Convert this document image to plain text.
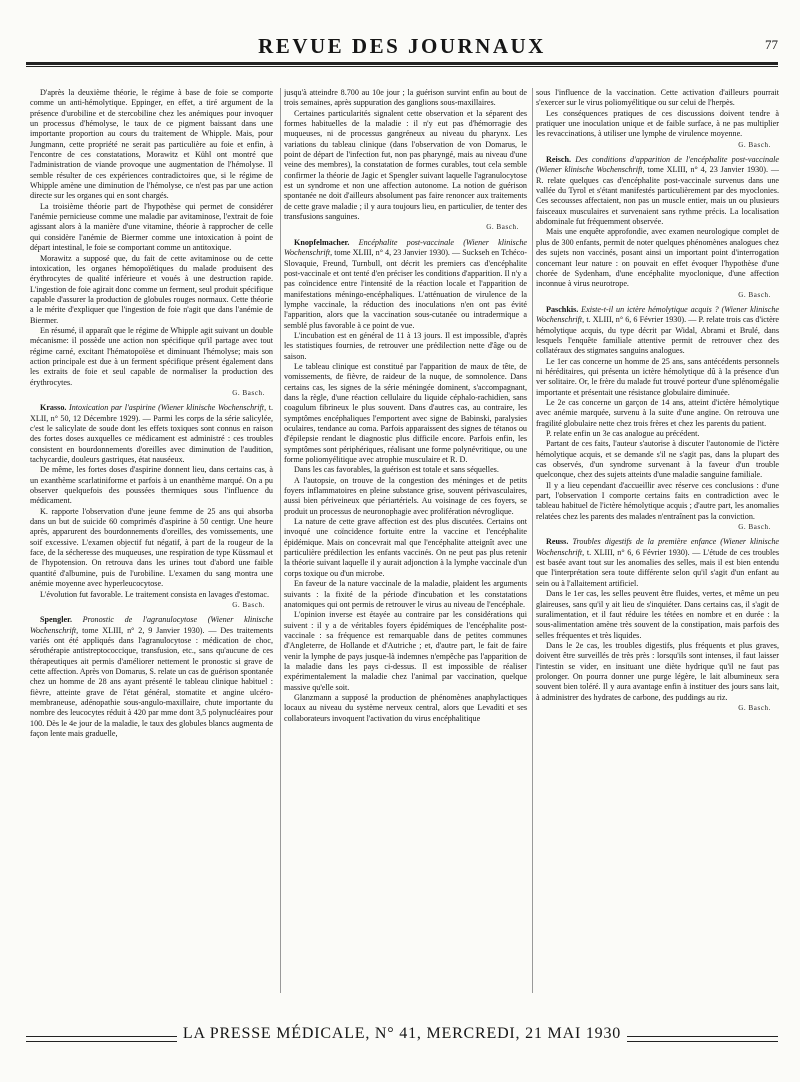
REVUE DES JOURNAUX	77

D'après la deuxième théorie, le régime à base de foie se comporte comme un anti-hémolytique. Eppinger, en effet, a tiré argument de la présence d'urobiline et de stercobiline chez les anémiques pour invoquer un processus d'hémolyse, le taux de ce pigment baissant dans une importante proportion au cours du traitement de Whipple. Mais, pour Jungmann, cette propriété ne serait pas particulière au foie et enfin, à l'encontre de ces constatations, Morawitz et Kühl ont montré que l'administration de viande provoque une augmentation de l'hémolyse. Il semble résulter de ces expériences contradictoires que, si le régime de Whipple amène une diminution de l'hémolyse, ce n'est pas par une action directe sur les organes qui en sont chargés.

La troisième théorie part de l'hypothèse qui permet de considérer l'anémie pernicieuse comme une maladie par avitaminose, l'extrait de foie agissant alors à la manière d'une vitamine, théorie à rapprocher de celle qui considère l'anémie de Biermer comme une intoxication à point de départ intestinal, le foie se comportant comme un antitoxique.

Morawitz a supposé que, du fait de cette avitaminose ou de cette intoxication, les organes hémopoïétiques du malade produisent des érythrocytes de qualité inférieure et voués à une destruction rapide. L'ingestion de foie agirait donc comme un ferment, seul produit spécifique capable d'assurer la production de globules rouges normaux. Cette théorie a le mérite d'expliquer que l'ingestion de foie n'agit que dans l'anémie de Biermer.

En résumé, il apparaît que le régime de Whipple agit suivant un double mécanisme: il possède une action non spécifique qu'il partage avec tout régime carné, excitant l'hématopoïèse et diminuant l'hémolyse; mais son action principale est due à un ferment spécifique présent également dans les extraits de foie et seul capable de normaliser la production des érythrocytes.

G. Basch.

Krasso. Intoxication par l'aspirine (Wiener klinische Wochenschrift, t. XLII, n° 50, 12 Décembre 1929). — Parmi les corps de la série salicylée, c'est le salicylate de soude dont les effets toxiques sont connus en raison des fortes doses auxquelles ce médicament est administré : ces troubles consistent en bourdonnements d'oreilles avec diminution de l'audition, tachycardie, douleurs gastriques, état nauséeux.

De même, les fortes doses d'aspirine donnent lieu, dans certains cas, à un exanthème scarlatiniforme et parfois à un enanthème marqué. On a pu observer quelquefois des poussées thermiques sous l'influence du médicament.

K. rapporte l'observation d'une jeune femme de 25 ans qui absorba dans un but de suicide 60 comprimés d'aspirine à 50 centigr. Une heure après, apparurent des bourdonnements d'oreilles, des vomissements, une soif excessive. L'examen objectif fut négatif, à part de la rougeur de la face, de la sécheresse des muqueuses, une respiration de type Küssmaul et de l'hypotension. On retrouva dans les urines tout d'abord une faible quantité d'albumine, puis de l'urobiline. L'examen du sang montra une anémie moyenne avec hyperleucocytose.

L'évolution fut favorable. Le traitement consista en lavages d'estomac.

G. Basch.

Spengler. Pronostic de l'agranulocytose (Wiener klinische Wochenschrift, tome XLIII, n° 2, 9 Janvier 1930). — Des traitements variés ont été appliqués dans l'agranulocytose : médication de choc, sérothérapie antistreptococcique, transfusion, etc., sans qu'aucune de ces thérapeutiques ait permis d'améliorer nettement le pronostic si grave de cette affection. Après von Domarus, S. relate un cas de guérison spontanée chez un homme de 28 ans ayant présenté le tableau clinique habituel : fièvre, atteinte grave de l'état général, stomatite et angine ulcéro-membraneuse, adénopathie sous-angulo-maxillaire, chute importante du nombre des leucocytes réduit à 420 par mme dont 3,5 polynucléaires pour 100. Dès le 4e jour de la maladie, le taux des globules blancs augmenta de façon lente mais graduelle,

jusqu'à atteindre 8.700 au 10e jour ; la guérison survint enfin au bout de trois semaines, après suppuration des ganglions sous-maxillaires.

Certaines particularités signalent cette observation et la séparent des formes habituelles de la maladie : il n'y eut pas d'hémorragie des muqueuses, ni de processus gangréneux au niveau du pharynx. Les variations du tableau clinique (dans l'observation de von Domarus, le point de départ de l'infection fut, non pas pharyngé, mais au niveau d'une veine des membres), la constatation de formes curables, tout cela semble confirmer la théorie de Jagic et Spengler suivant laquelle l'agranulocytose est un syndrome et non une affection autonome. La notion de guérison spontanée ne doit d'ailleurs absolument pas faire renoncer aux traitements de cette grave maladie ; il y aura toujours lieu, en particulier, de tenter des transfusions sanguines.

G. Basch.

Knopfelmacher. Encéphalite post-vaccinale (Wiener klinische Wochenschrift, tome XLIII, n° 4, 23 Janvier 1930). — Suckseh en Tchéco-Slovaquie, Freund, Turnbull, ont décrit les premiers cas d'encéphalite post-vaccinale et ont tenté d'en préciser les conditions d'apparition. Il n'y a pas coïncidence entre l'intensité de la réaction locale et l'apparition de manifestations méningo-encéphaliques. L'atténuation de virulence de la lymphe vaccinale, la réduction des inoculations n'en ont pas évité l'apparition, alors que la vaccination sous-cutanée ou intradermique a semblé plus favorable à ce point de vue.

L'incubation est en général de 11 à 13 jours. Il est impossible, d'après les statistiques fournies, de retrouver une prédilection nette d'âge ou de saison.

Le tableau clinique est constitué par l'apparition de maux de tête, de vomissements, de fièvre, de raideur de la nuque, de somnolence. Dans certains cas, les signes de la série méningée dominent, s'accompagnant, dans la règle, d'une réaction cellulaire du liquide céphalo-rachidien, sans coagulum fibrineux le plus souvent. Dans d'autres cas, au contraire, les symptômes encéphaliques l'emportent avec signe de Babinski, paralysies oculaires, tendance au coma. Parfois apparaissent des signes de tétanos ou d'épilepsie rendant le diagnostic plus difficile encore. Parfois enfin, les symptômes sont périphériques, réalisant une forme polynévritique, ou une forme poliomyélitique avec atrophie musculaire et R. D.

Dans les cas favorables, la guérison est totale et sans séquelles.

A l'autopsie, on trouve de la congestion des méninges et de petits foyers inflammatoires en pleine substance grise, souvent périvasculaires, aussi bien périveineux que périartériels. Au voisinage de ces foyers, se produit un processus de neuronophagie avec prolifération névroglique.

La nature de cette grave affection est des plus discutées. Certains ont invoqué une coïncidence fortuite entre la vaccine et l'encéphalite épidémique. Mais on concevrait mal que l'encéphalite atteignît avec une particulière prédilection les enfants vaccinés. On ne peut pas plus retenir la théorie suivant laquelle il y aurait adjonction à la lymphe vaccinale d'un corps toxique ou d'un microbe.

En faveur de la nature vaccinale de la maladie, plaident les arguments suivants : la fixité de la période d'incubation et les constatations anatomiques qui ont permis de retrouver le virus au niveau de l'encéphale.

L'opinion inverse est étayée au contraire par les considérations qui suivent : il y a de véritables foyers épidémiques de l'encéphalite post-vaccinale : sa fréquence est remarquable dans de petites communes d'Angleterre, de Hollande et d'Autriche ; et, d'autre part, le fait de faire venir la lymphe de pays jusque-là indemnes n'empêche pas l'apparition de la maladie dans les pays ci-dessus. Il est impossible de réaliser expérimentalement la maladie chez l'animal par vaccination, quelque massive qu'elle soit.

Glanzmann a supposé la production de phénomènes anaphylactiques locaux au niveau du système nerveux central, alors que Levaditi et ses collaborateurs invoquent l'activation du virus encéphalitique

sous l'influence de la vaccination. Cette activation d'ailleurs pourrait s'exercer sur le virus poliomyélitique ou sur celui de l'herpès.

Les conséquences pratiques de ces discussions doivent tendre à pratiquer une inoculation unique et de faible surface, à ne pas multiplier les revaccinations, à utiliser une lymphe de virulence moyenne.

G. Basch.

Reisch. Des conditions d'apparition de l'encéphalite post-vaccinale (Wiener klinische Wochenschrift, tome XLIII, n° 4, 23 Janvier 1930). — R. relate quelques cas d'encéphalite post-vaccinale survenus dans une vallée du Tyrol et s'étant manifestés particulièrement par des myoclonies. Ces secousses affectaient, non pas un muscle entier, mais un ou plusieurs faisceaux musculaires et survenaient sans rythme précis. La localisation abdominale fut fréquemment observée.

Mais une enquête approfondie, avec examen neurologique complet de plus de 300 enfants, permit de noter quelques phénomènes analogues chez des sujets non vaccinés, posant ainsi un important point d'interrogation concernant leur nature : on pouvait en effet évoquer l'hypothèse d'une chorée de Sydenham, d'une encéphalite myoclonique, d'une affection inconnue à virus neurotrope.

G. Basch.

Paschkis. Existe-t-il un ictère hémolytique acquis ? (Wiener klinische Wochenschrift, t. XLIII, n° 6, 6 Février 1930). — P. relate trois cas d'ictère hémolytique acquis, du type décrit par Widal, Abrami et Brulé, dans lesquels l'enquête familiale attentive permit de retrouver chez des collatéraux des stigmates sanguins analogues.

Le 1er cas concerne un homme de 25 ans, sans antécédents personnels ni héréditaires, qui présenta un ictère hémolytique dû à la présence d'un ver solitaire. Or, le frère du malade fut trouvé porteur d'une splénomégalie importante et présentait une résistance globulaire diminuée.

Le 2e cas concerne un garçon de 14 ans, atteint d'ictère hémolytique avec anémie marquée, survenu à la suite d'une angine. On retrouva une fragilité globulaire nette chez trois frères et chez les parents du patient.

P. relate enfin un 3e cas analogue au précédent.

Partant de ces faits, l'auteur s'autorise à discuter l'autonomie de l'ictère hémolytique acquis, et se demande s'il ne s'agit pas, dans la plupart des cas observés, d'un syndrome survenant à la faveur d'un trouble quelconque, chez des sujets atteints d'une maladie sanguine familiale.

Il y a lieu cependant d'accueillir avec réserve ces conclusions : d'une part, l'observation I comporte certains faits en contradiction avec le tableau habituel de l'ictère hémolytique acquis ; d'autre part, les anomalies relatées chez les parents des malades n'entraînent pas la conviction.

G. Basch.

Reuss. Troubles digestifs de la première enfance (Wiener klinische Wochenschrift, t. XLIII, n° 6, 6 Février 1930). — L'étude de ces troubles est basée avant tout sur les anomalies des selles, mais il est bien entendu que l'interprétation sera toute différente selon qu'il s'agit d'un enfant au sein ou à l'allaitement artificiel.

Dans le 1er cas, les selles peuvent être fluides, vertes, et même un peu glaireuses, sans qu'il y ait lieu de s'inquiéter. Dans certains cas, il s'agit de suralimentation, et il faut réduire les tétées en nombre et en durée : la sous-alimentation amène très souvent de la constipation, mais parfois des selles fréquentes et très liquides.

Dans le 2e cas, les troubles digestifs, plus fréquents et plus graves, doivent être surveillés de très près : lorsqu'ils sont intenses, il faut laisser l'intestin se vider, en insituant une diète hydrique qu'il ne faut pas prolonger. On pourra donner une purge légère, le lait albumineux sera souvent bien toléré. Il y aura avantage enfin à instituer des jours sans lait, à administrer des hydrates de carbone, des puddings au riz.

G. Basch.
LA PRESSE MÉDICALE, N° 41, MERCREDI, 21 MAI 1930
